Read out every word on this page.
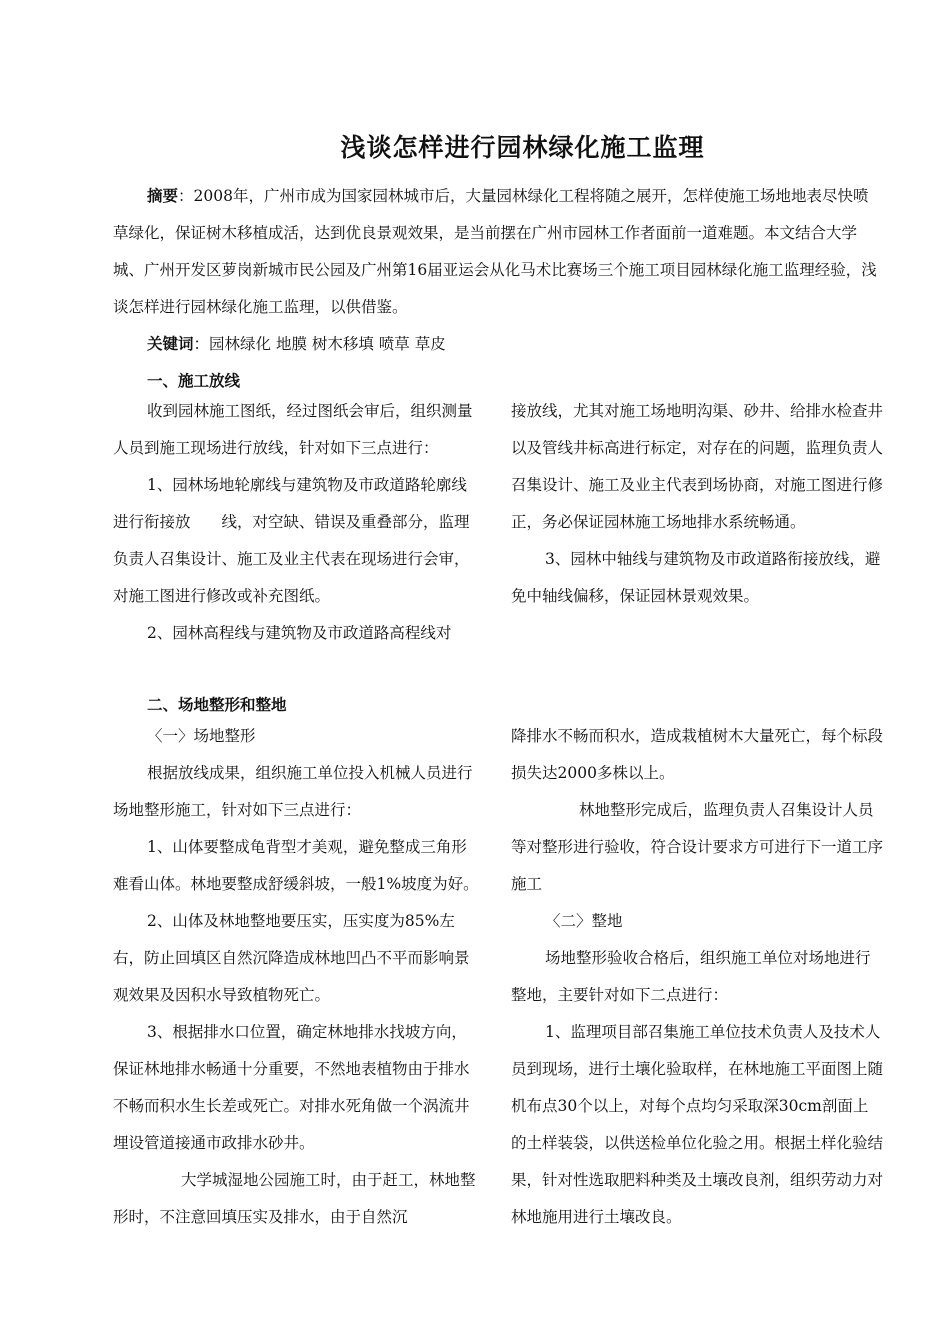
浅谈怎样进行园林绿化施工监理
摘要：2008年，广州市成为国家园林城市后，大量园林绿化工程将随之展开，怎样使施工场地地表尽快喷草绿化，保证树木移植成活，达到优良景观效果，是当前摆在广州市园林工作者面前一道难题。本文结合大学城、广州开发区萝岗新城市民公园及广州第16届亚运会从化马术比赛场三个施工项目园林绿化施工监理经验，浅谈怎样进行园林绿化施工监理，以供借鉴。
关键词：园林绿化 地膜 树木移填 喷草 草皮
一、施工放线

收到园林施工图纸，经过图纸会审后，组织测量人员到施工现场进行放线，针对如下三点进行：

1、园林场地轮廓线与建筑物及市政道路轮廓线进行衔接放　　线，对空缺、错误及重叠部分，监理负责人召集设计、施工及业主代表在现场进行会审，对施工图进行修改或补充图纸。

2、园林高程线与建筑物及市政道路高程线对

接放线，尤其对施工场地明沟渠、砂井、给排水检查井以及管线井标高进行标定，对存在的问题，监理负责人召集设计、施工及业主代表到场协商，对施工图进行修正，务必保证园林施工场地排水系统畅通。

3、园林中轴线与建筑物及市政道路衔接放线，避免中轴线偏移，保证园林景观效果。

二、场地整形和整地

〈一〉场地整形

根据放线成果，组织施工单位投入机械人员进行场地整形施工，针对如下三点进行：

1、山体要整成龟背型才美观，避免整成三角形难看山体。林地要整成舒缓斜坡，一般1%坡度为好。

2、山体及林地整地要压实，压实度为85%左右，防止回填区自然沉降造成林地凹凸不平而影响景观效果及因积水导致植物死亡。

3、根据排水口位置，确定林地排水找坡方向，保证林地排水畅通十分重要，不然地表植物由于排水不畅而积水生长差或死亡。对排水死角做一个涡流井埋设管道接通市政排水砂井。

大学城湿地公园施工时，由于赶工，林地整形时，不注意回填压实及排水，由于自然沉

降排水不畅而积水，造成栽植树木大量死亡，每个标段损失达2000多株以上。

林地整形完成后，监理负责人召集设计人员等对整形进行验收，符合设计要求方可进行下一道工序施工

〈二〉整地

场地整形验收合格后，组织施工单位对场地进行整地，主要针对如下二点进行：

1、监理项目部召集施工单位技术负责人及技术人员到现场，进行土壤化验取样，在林地施工平面图上随机布点30个以上，对每个点均匀采取深30cm剖面上的土样装袋，以供送检单位化验之用。根据土样化验结果，针对性选取肥料种类及土壤改良剂，组织劳动力对林地施用进行土壤改良。
